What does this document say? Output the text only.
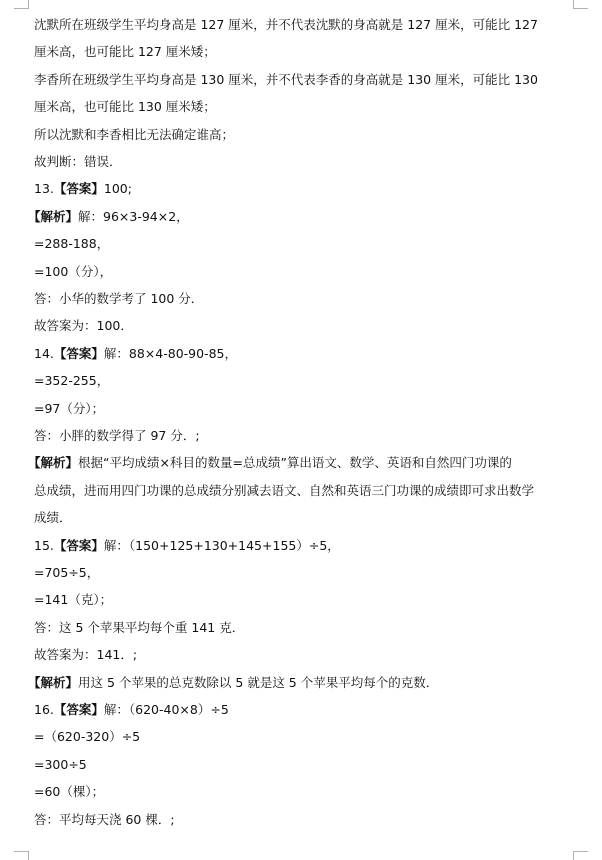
沈默所在班级学生平均身高是 127 厘米，并不代表沈默的身高就是 127 厘米，可能比 127
厘米高，也可能比 127 厘米矮；
李香所在班级学生平均身高是 130 厘米，并不代表李香的身高就是 130 厘米，可能比 130
厘米高，也可能比 130 厘米矮；
所以沈默和李香相比无法确定谁高；
故判断：错误．
13.【答案】100;
【解析】解：96×3-94×2，
=288-188，
=100（分），
答：小华的数学考了 100 分．
故答案为：100．
14.【答案】解：88×4-80-90-85，
=352-255，
=97（分）；
答：小胖的数学得了 97 分．;
【解析】根据“平均成绩×科目的数量=总成绩”算出语文、数学、英语和自然四门功课的
总成绩，进而用四门功课的总成绩分别减去语文、自然和英语三门功课的成绩即可求出数学
成绩．
15.【答案】解：（150+125+130+145+155）÷5，
=705÷5，
=141（克）；
答：这 5 个苹果平均每个重 141 克．
故答案为：141．;
【解析】用这 5 个苹果的总克数除以 5 就是这 5 个苹果平均每个的克数．
16.【答案】解：（620-40×8）÷5
=（620-320）÷5
=300÷5
=60（棵）；
答：平均每天浇 60 棵．;
